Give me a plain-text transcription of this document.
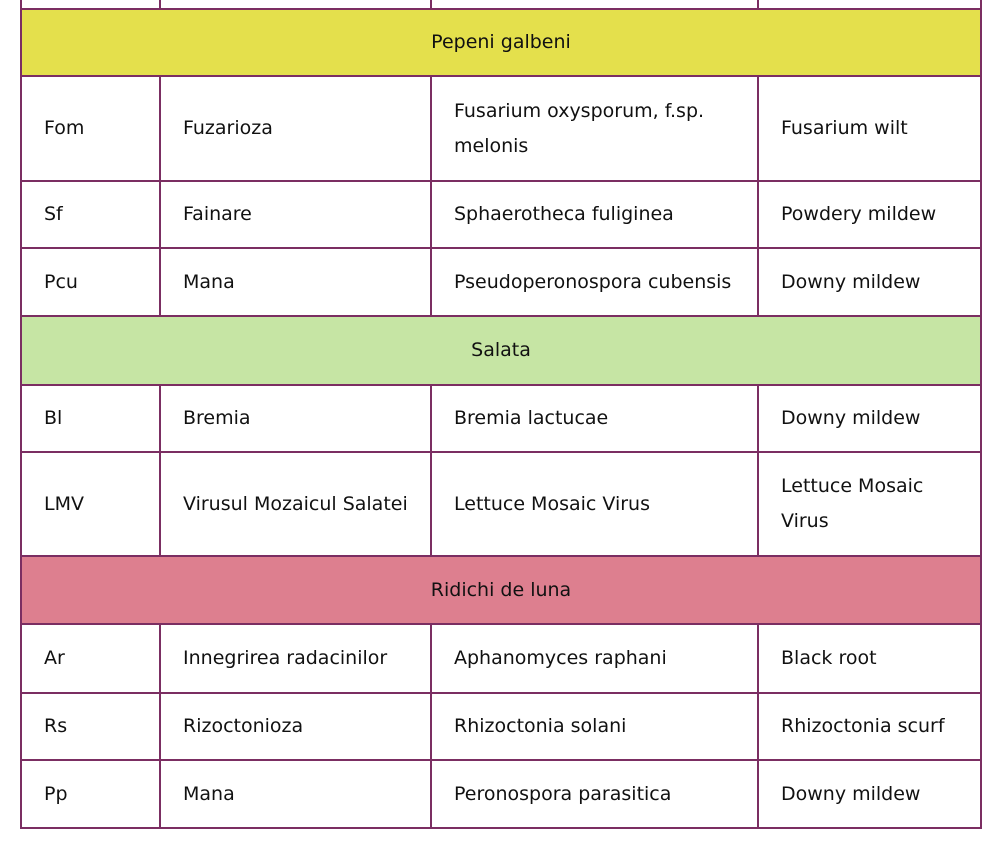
Pepeni galbeni			
Fom	Fuzarioza	Fusarium oxysporum, f.sp. melonis	Fusarium wilt
Sf	Fainare	Sphaerotheca fuliginea	Powdery mildew
Pcu	Mana	Pseudoperonospora cubensis	Downy mildew
Salata			
Bl	Bremia	Bremia lactucae	Downy mildew
LMV	Virusul Mozaicul Salatei	Lettuce Mosaic Virus	Lettuce Mosaic Virus
Ridichi de luna			
Ar	Innegrirea radacinilor	Aphanomyces raphani	Black root
Rs	Rizoctonioza	Rhizoctonia solani	Rhizoctonia scurf
Pp	Mana	Peronospora parasitica	Downy mildew
